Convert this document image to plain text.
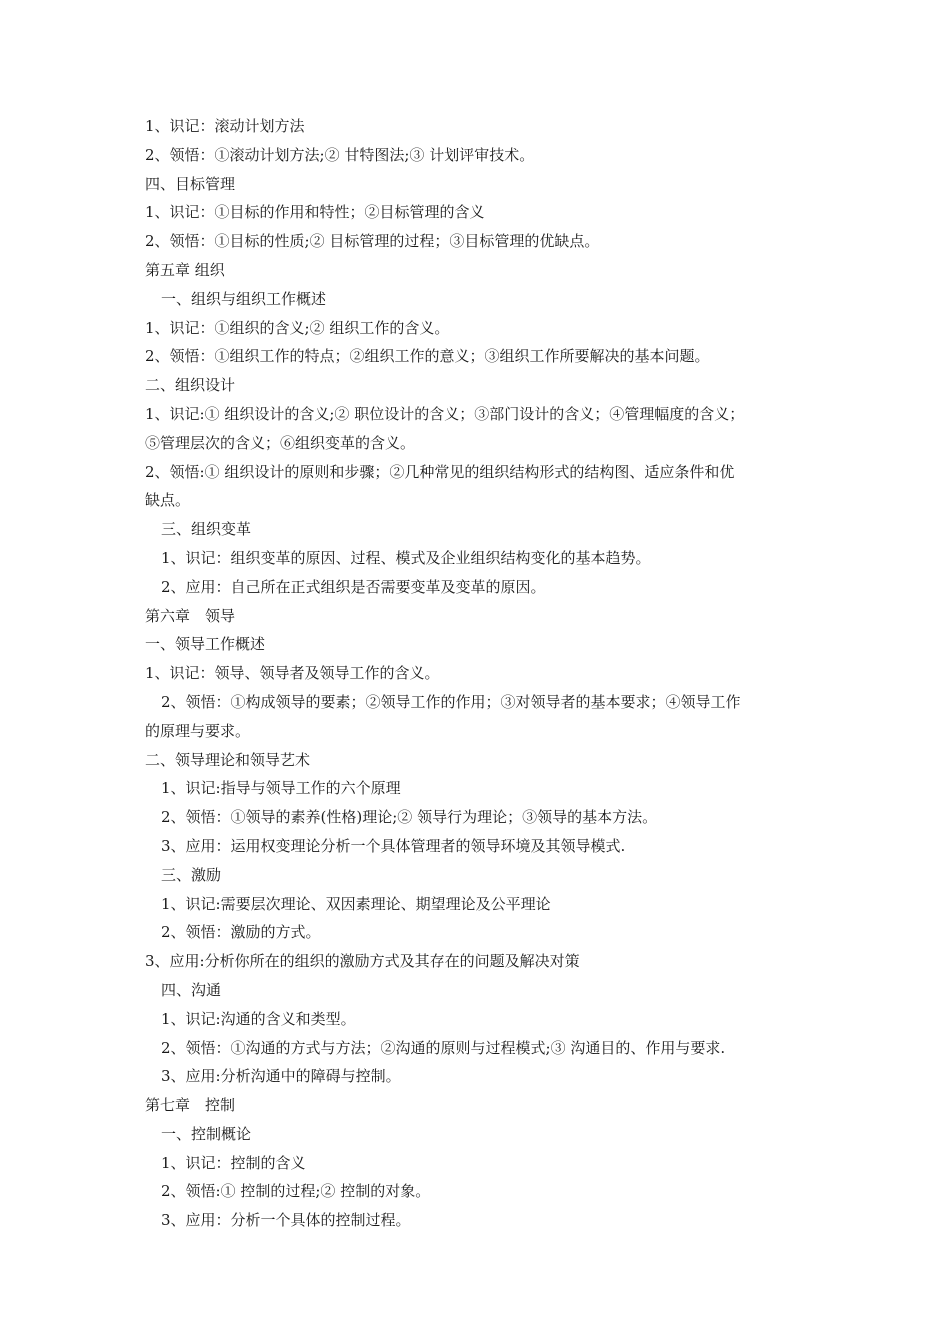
1、识记：滚动计划方法
2、领悟：①滚动计划方法;② 甘特图法;③ 计划评审技术。
四、目标管理
1、识记：①目标的作用和特性；②目标管理的含义
2、领悟：①目标的性质;② 目标管理的过程；③目标管理的优缺点。
第五章 组织
一、组织与组织工作概述
1、识记：①组织的含义;② 组织工作的含义。
2、领悟：①组织工作的特点；②组织工作的意义；③组织工作所要解决的基本问题。
二、组织设计
1、识记:① 组织设计的含义;② 职位设计的含义；③部门设计的含义；④管理幅度的含义；
⑤管理层次的含义；⑥组织变革的含义。
2、领悟:① 组织设计的原则和步骤；②几种常见的组织结构形式的结构图、适应条件和优
缺点。
三、组织变革
1、识记：组织变革的原因、过程、模式及企业组织结构变化的基本趋势。
2、应用：自己所在正式组织是否需要变革及变革的原因。
第六章　领导
一、领导工作概述
1、识记：领导、领导者及领导工作的含义。
2、领悟：①构成领导的要素；②领导工作的作用；③对领导者的基本要求；④领导工作
的原理与要求。
二、领导理论和领导艺术
1、识记:指导与领导工作的六个原理
2、领悟：①领导的素养(性格)理论;② 领导行为理论；③领导的基本方法。
3、应用：运用权变理论分析一个具体管理者的领导环境及其领导模式.
三、激励
1、识记:需要层次理论、双因素理论、期望理论及公平理论
2、领悟：激励的方式。
3、应用:分析你所在的组织的激励方式及其存在的问题及解决对策
四、沟通
1、识记:沟通的含义和类型。
2、领悟：①沟通的方式与方法；②沟通的原则与过程模式;③ 沟通目的、作用与要求.
3、应用:分析沟通中的障碍与控制。
第七章　控制
一、控制概论
1、识记：控制的含义
2、领悟:① 控制的过程;② 控制的对象。
3、应用：分析一个具体的控制过程。
